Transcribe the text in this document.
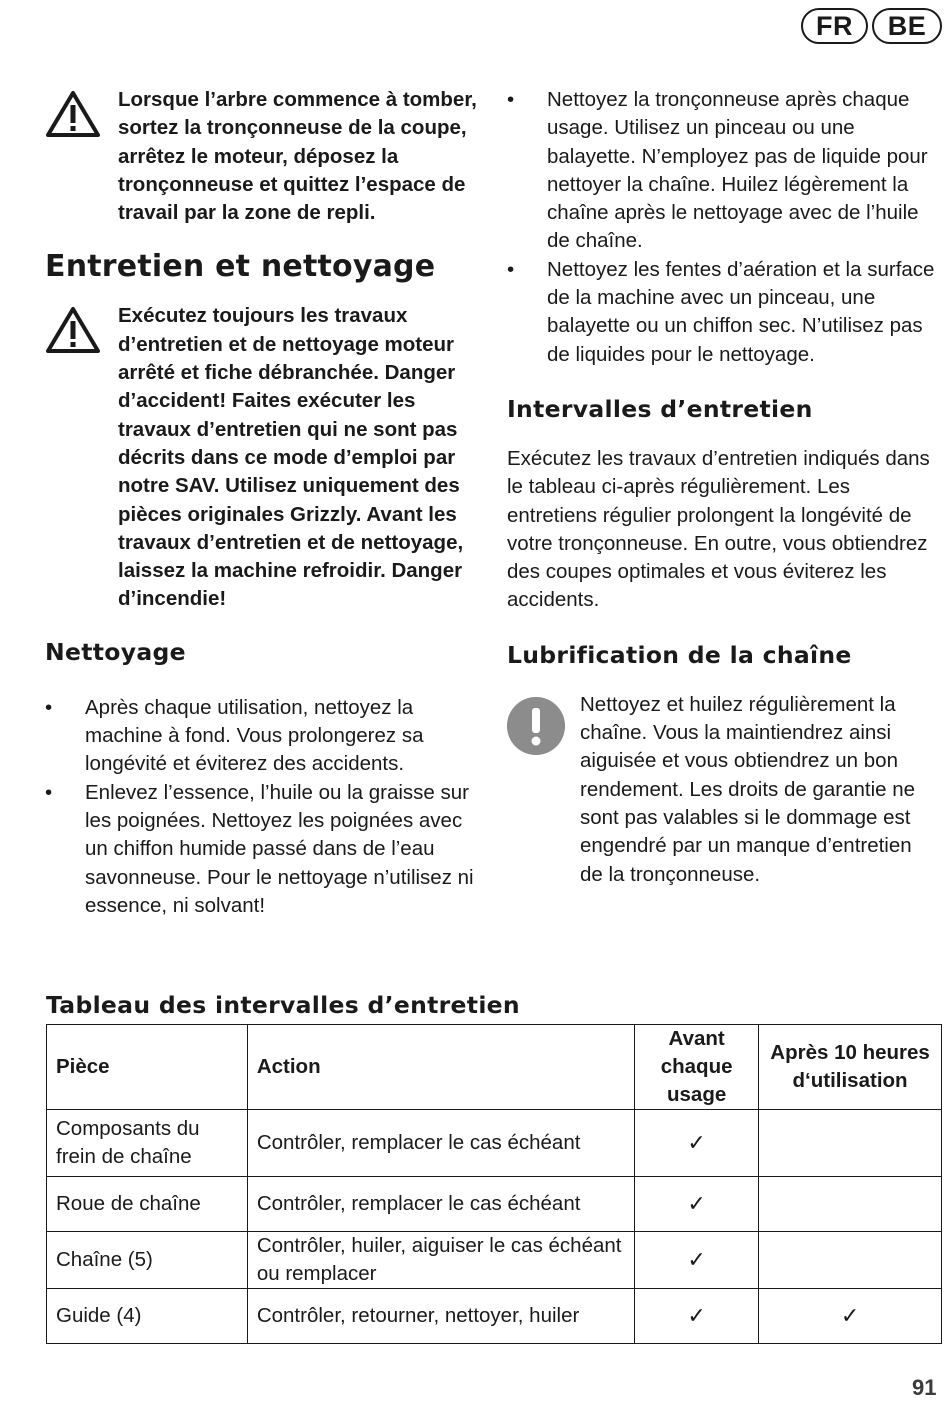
FR	BE
Lorsque l’arbre commence à tomber, sortez la tronçonneuse de la coupe, arrêtez le moteur, déposez la tronçonneuse et quittez l’espace de travail par la zone de repli.
Entretien et nettoyage
Exécutez toujours les travaux d’entretien et de nettoyage moteur arrêté et fiche débranchée. Danger d’accident! Faites exécuter les travaux d’entretien qui ne sont pas décrits dans ce mode d’emploi par notre SAV. Utilisez uniquement des pièces originales Grizzly. Avant les travaux d’entretien et de nettoyage, laissez la machine refroidir. Danger d’incendie!
Nettoyage
• Après chaque utilisation, nettoyez la machine à fond. Vous prolongerez sa longévité et éviterez des accidents.
• Enlevez l’essence, l’huile ou la graisse sur les poignées. Nettoyez les poignées avec un chiffon humide passé dans de l’eau savonneuse. Pour le nettoyage n’utilisez ni essence, ni solvant!
• Nettoyez la tronçonneuse après chaque usage. Utilisez un pinceau ou une balayette. N’employez pas de liquide pour nettoyer la chaîne. Huilez légèrement la chaîne après le nettoyage avec de l’huile de chaîne.
• Nettoyez les fentes d’aération et la surface de la machine avec un pinceau, une balayette ou un chiffon sec. N’utilisez pas de liquides pour le nettoyage.
Intervalles d’entretien
Exécutez les travaux d’entretien indiqués dans le tableau ci-après régulièrement. Les entretiens régulier prolongent la longévité de votre tronçonneuse. En outre, vous obtiendrez des coupes optimales et vous éviterez les accidents.
Lubrification de la chaîne
Nettoyez et huilez régulièrement la chaîne. Vous la maintiendrez ainsi aiguisée et vous obtiendrez un bon rendement. Les droits de garantie ne sont pas valables si le dommage est engendré par un manque d’entretien de la tronçonneuse.
Tableau des intervalles d’entretien
Pièce	Action	Avant chaque usage	Après 10 heures d‘utilisation
Composants du frein de chaîne	Contrôler, remplacer le cas échéant	✓	
Roue de chaîne	Contrôler, remplacer le cas échéant	✓	
Chaîne (5)	Contrôler, huiler, aiguiser le cas échéant ou remplacer	✓	
Guide (4)	Contrôler, retourner, nettoyer, huiler	✓	✓
91
